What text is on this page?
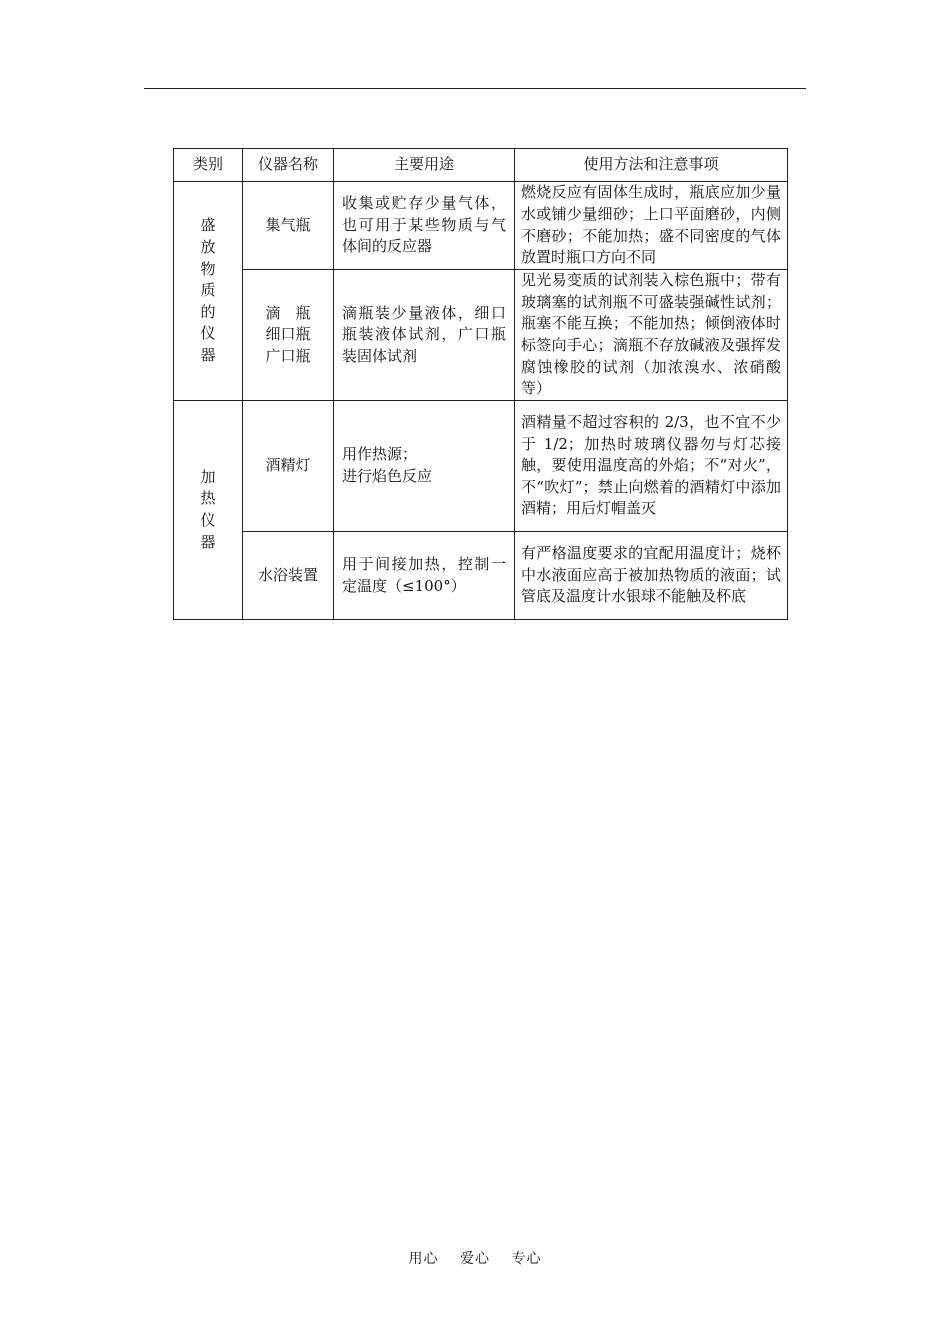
类别	仪器名称	主要用途	使用方法和注意事项

盛放物质的仪器	集气瓶	收集或贮存少量气体，也可用于某些物质与气体间的反应器	燃烧反应有固体生成时，瓶底应加少量水或铺少量细砂；上口平面磨砂，内侧不磨砂；不能加热；盛不同密度的气体放置时瓶口方向不同

	滴　瓶
细口瓶
广口瓶	滴瓶装少量液体，细口瓶装液体试剂，广口瓶装固体试剂	见光易变质的试剂装入棕色瓶中；带有玻璃塞的试剂瓶不可盛装强碱性试剂；瓶塞不能互换；不能加热；倾倒液体时标签向手心；滴瓶不存放碱液及强挥发腐蚀橡胶的试剂（加浓溴水、浓硝酸等）

加热仪器	酒精灯	用作热源；
进行焰色反应	酒精量不超过容积的 2/3，也不宜不少于 1/2；加热时玻璃仪器勿与灯芯接触，要使用温度高的外焰；不“对火”，不“吹灯”；禁止向燃着的酒精灯中添加酒精；用后灯帽盖灭
	水浴装置	用于间接加热，控制一定温度（≤100°）	有严格温度要求的宜配用温度计；烧杯中水液面应高于被加热物质的液面；试管底及温度计水银球不能触及杯底
用心 爱心 专心
